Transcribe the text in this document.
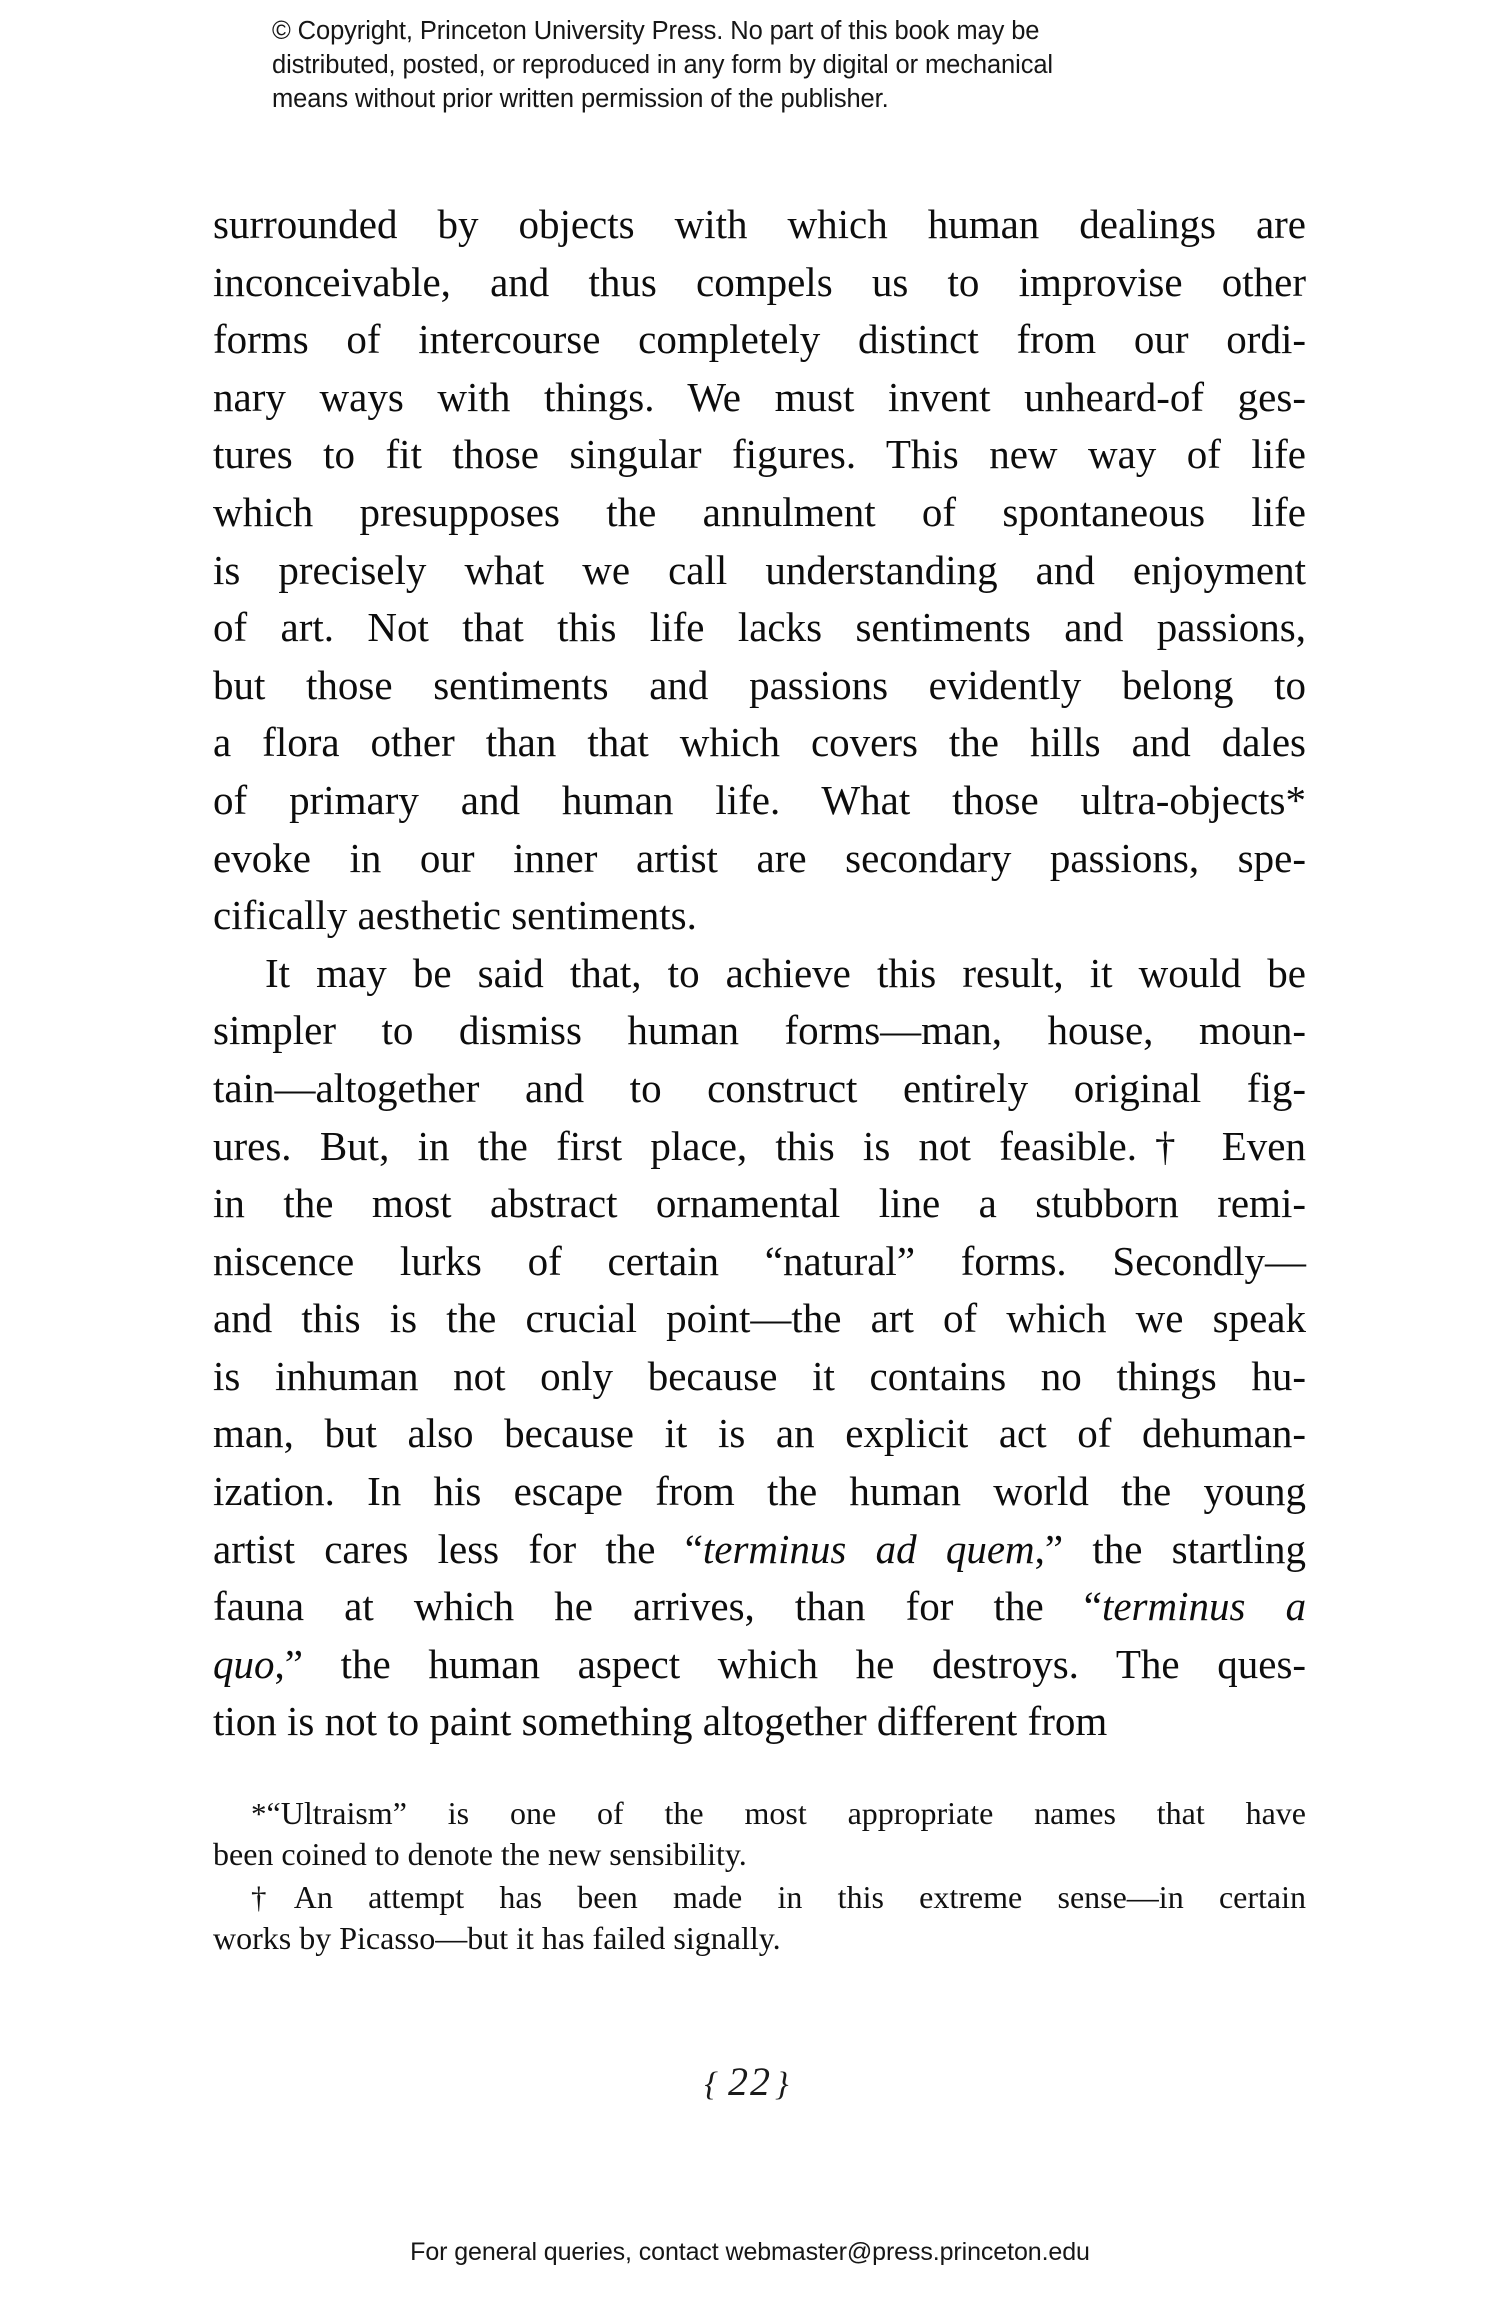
© Copyright, Princeton University Press. No part of this book may be
distributed, posted, or reproduced in any form by digital or mechanical
means without prior written permission of the publisher.

surrounded by objects with which human dealings are
inconceivable, and thus compels us to improvise other
forms of intercourse completely distinct from our ordi-
nary ways with things. We must invent unheard-of ges-
tures to fit those singular figures. This new way of life
which presupposes the annulment of spontaneous life
is precisely what we call understanding and enjoyment
of art. Not that this life lacks sentiments and passions,
but those sentiments and passions evidently belong to
a flora other than that which covers the hills and dales
of primary and human life. What those ultra-objects*
evoke in our inner artist are secondary passions, spe-
cifically aesthetic sentiments.

It may be said that, to achieve this result, it would be
simpler to dismiss human forms—man, house, moun-
tain—altogether and to construct entirely original fig-
ures. But, in the first place, this is not feasible.† Even
in the most abstract ornamental line a stubborn remi-
niscence lurks of certain “natural” forms. Secondly—
and this is the crucial point—the art of which we speak
is inhuman not only because it contains no things hu-
man, but also because it is an explicit act of dehuman-
ization. In his escape from the human world the young
artist cares less for the “terminus ad quem,” the startling
fauna at which he arrives, than for the “terminus a
quo,” the human aspect which he destroys. The ques-
tion is not to paint something altogether different from

*“Ultraism” is one of the most appropriate names that have
been coined to denote the new sensibility.

†An attempt has been made in this extreme sense—in certain
works by Picasso—but it has failed signally.

{22}
For general queries, contact webmaster@press.princeton.edu
